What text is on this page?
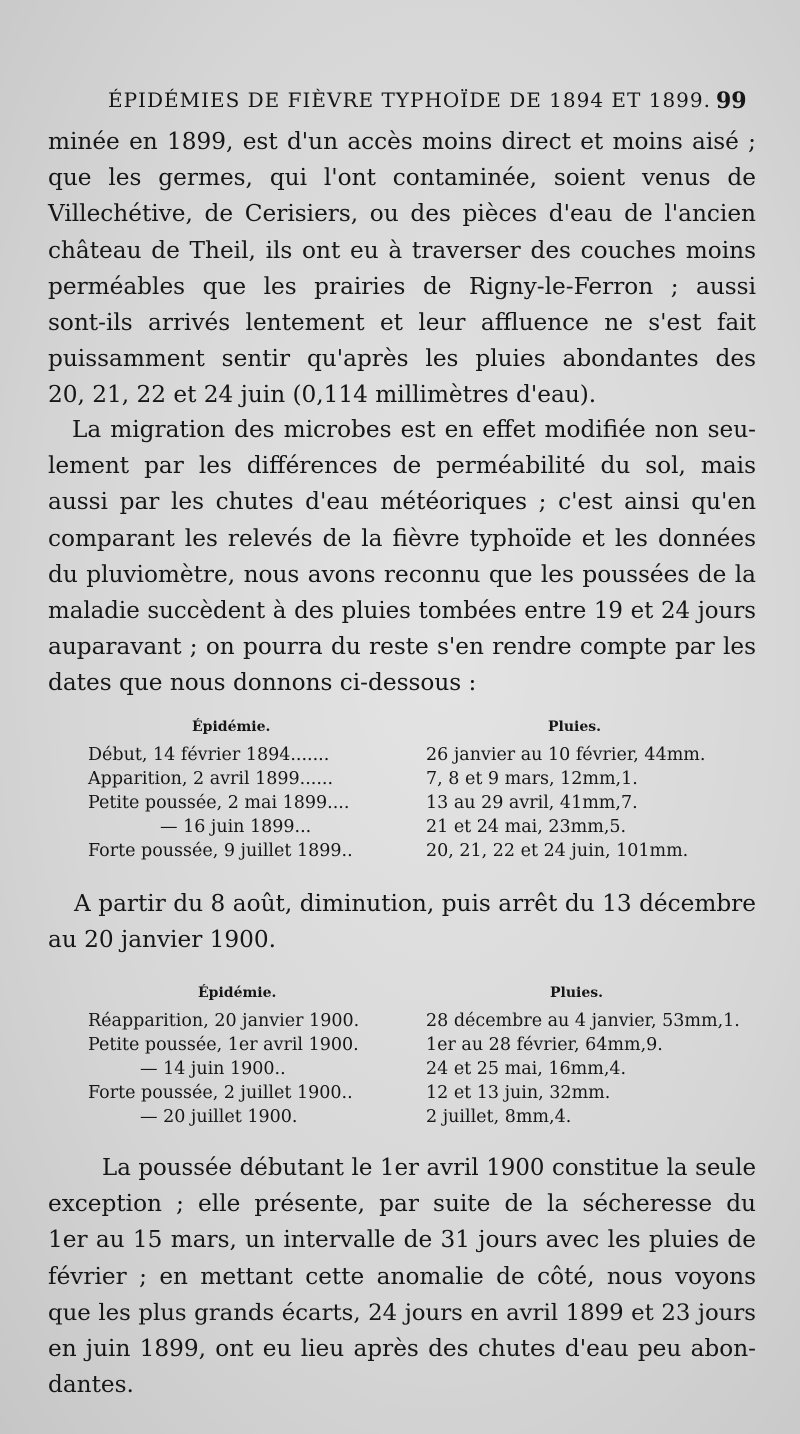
ÉPIDÉMIES DE FIÈVRE TYPHOÏDE DE 1894 ET 1899. 99
minée en 1899, est d'un accès moins direct et moins aisé ;
que les germes, qui l'ont contaminée, soient venus de
Villechétive, de Cerisiers, ou des pièces d'eau de l'ancien
château de Theil, ils ont eu à traverser des couches moins
perméables que les prairies de Rigny-le-Ferron ; aussi
sont-ils arrivés lentement et leur affluence ne s'est fait
puissamment sentir qu'après les pluies abondantes des
20, 21, 22 et 24 juin (0,114 millimètres d'eau).
La migration des microbes est en effet modifiée non seu-
lement par les différences de perméabilité du sol, mais
aussi par les chutes d'eau météoriques ; c'est ainsi qu'en
comparant les relevés de la fièvre typhoïde et les données
du pluviomètre, nous avons reconnu que les poussées de la
maladie succèdent à des pluies tombées entre 19 et 24 jours
auparavant ; on pourra du reste s'en rendre compte par les
dates que nous donnons ci-dessous :
Épidémie.	Pluies.
Début, 14 février 1894.......	26 janvier au 10 février, 44mm.
Apparition, 2 avril 1899......	7, 8 et 9 mars, 12mm,1.
Petite poussée, 2 mai 1899....	13 au 29 avril, 41mm,7.
— 16 juin 1899...	21 et 24 mai, 23mm,5.
Forte poussée, 9 juillet 1899..	20, 21, 22 et 24 juin, 101mm.
A partir du 8 août, diminution, puis arrêt du 13 décembre
au 20 janvier 1900.
Épidémie.	Pluies.
Réapparition, 20 janvier 1900.	28 décembre au 4 janvier, 53mm,1.
Petite poussée, 1er avril 1900.	1er au 28 février, 64mm,9.
— 14 juin 1900..	24 et 25 mai, 16mm,4.
Forte poussée, 2 juillet 1900..	12 et 13 juin, 32mm.
— 20 juillet 1900.	2 juillet, 8mm,4.
La poussée débutant le 1er avril 1900 constitue la seule
exception ; elle présente, par suite de la sécheresse du
1er au 15 mars, un intervalle de 31 jours avec les pluies de
février ; en mettant cette anomalie de côté, nous voyons
que les plus grands écarts, 24 jours en avril 1899 et 23 jours
en juin 1899, ont eu lieu après des chutes d'eau peu abon-
dantes.
